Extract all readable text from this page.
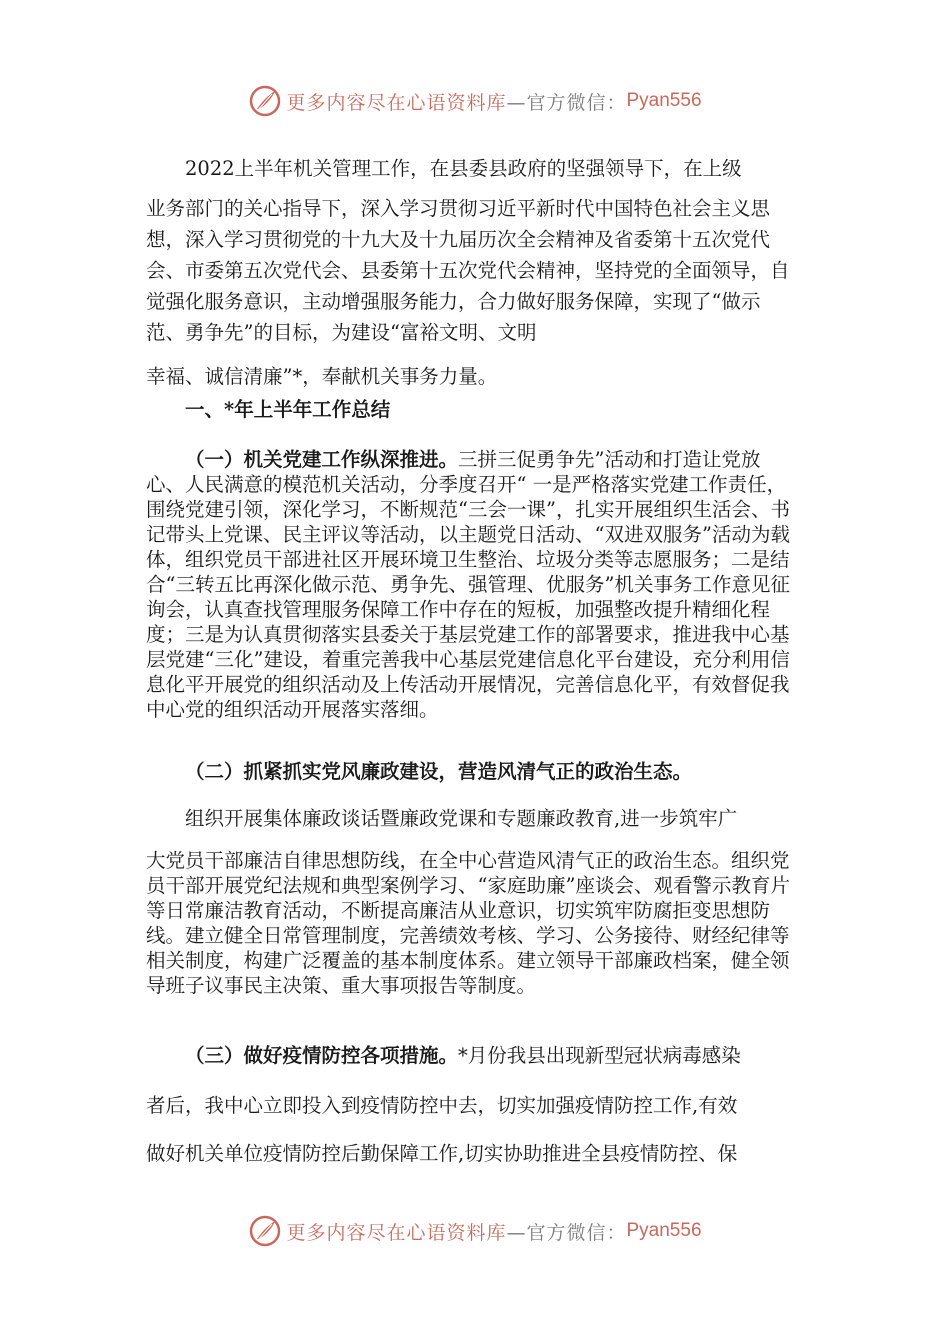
更多内容尽在心语资料库 —官方微信： Pyan556

2022上半年机关管理工作，在县委县政府的坚强领导下，在上级

业务部门的关心指导下，深入学习贯彻习近平新时代中国特色社会主义思想，深入学习贯彻党的十九大及十九届历次全会精神及省委第十五次党代会、市委第五次党代会、县委第十五次党代会精神，坚持党的全面领导，自觉强化服务意识，主动增强服务能力，合力做好服务保障，实现了“做示范、勇争先”的目标，为建设“富裕文明、文明

幸福、诚信清廉”*，奉献机关事务力量。

一、*年上半年工作总结

（一）机关党建工作纵深推进。三拼三促勇争先”活动和打造让党放心、人民满意的模范机关活动，分季度召开“ 一是严格落实党建工作责任，围绕党建引领，深化学习，不断规范“三会一课”，扎实开展组织生活会、书记带头上党课、民主评议等活动，以主题党日活动、“双进双服务”活动为载体，组织党员干部进社区开展环境卫生整治、垃圾分类等志愿服务；二是结合“三转五比再深化做示范、勇争先、强管理、优服务”机关事务工作意见征询会，认真查找管理服务保障工作中存在的短板，加强整改提升精细化程度；三是为认真贯彻落实县委关于基层党建工作的部署要求，推进我中心基层党建“三化”建设，着重完善我中心基层党建信息化平台建设，充分利用信息化平开展党的组织活动及上传活动开展情况，完善信息化平，有效督促我中心党的组织活动开展落实落细。

（二）抓紧抓实党风廉政建设，营造风清气正的政治生态。

组织开展集体廉政谈话暨廉政党课和专题廉政教育,进一步筑牢广

大党员干部廉洁自律思想防线，在全中心营造风清气正的政治生态。组织党员干部开展党纪法规和典型案例学习、“家庭助廉”座谈会、观看警示教育片等日常廉洁教育活动，不断提高廉洁从业意识，切实筑牢防腐拒变思想防线。建立健全日常管理制度，完善绩效考核、学习、公务接待、财经纪律等相关制度，构建广泛覆盖的基本制度体系。建立领导干部廉政档案，健全领导班子议事民主决策、重大事项报告等制度。

（三）做好疫情防控各项措施。*月份我县出现新型冠状病毒感染

者后，我中心立即投入到疫情防控中去，切实加强疫情防控工作,有效

做好机关单位疫情防控后勤保障工作,切实协助推进全县疫情防控、保

更多内容尽在心语资料库 —官方微信： Pyan556
